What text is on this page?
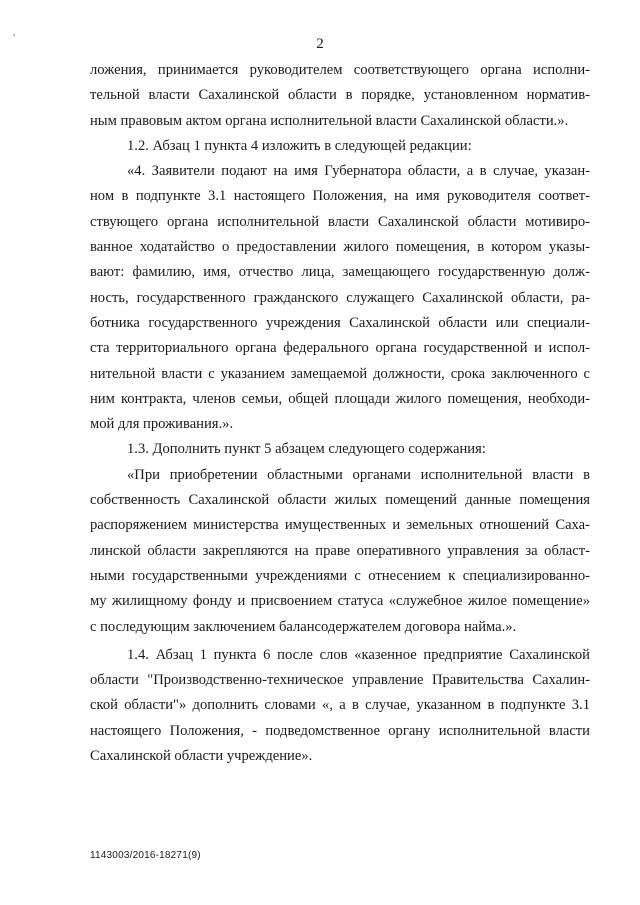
ᵥ
2
ложения, принимается руководителем соответствующего органа исполни-
тельной власти Сахалинской области в порядке, установленном норматив-
ным правовым актом органа исполнительной власти Сахалинской области.».
1.2. Абзац 1 пункта 4 изложить в следующей редакции:
«4. Заявители подают на имя Губернатора области, а в случае, указан-
ном в подпункте 3.1 настоящего Положения, на имя руководителя соответ-
ствующего органа исполнительной власти Сахалинской области мотивиро-
ванное ходатайство о предоставлении жилого помещения, в котором указы-
вают: фамилию, имя, отчество лица, замещающего государственную долж-
ность, государственного гражданского служащего Сахалинской области, ра-
ботника государственного учреждения Сахалинской области или специали-
ста территориального органа федерального органа государственной и испол-
нительной власти с указанием замещаемой должности, срока заключенного с
ним контракта, членов семьи, общей площади жилого помещения, необходи-
мой для проживания.».
1.3. Дополнить пункт 5 абзацем следующего содержания:
«При приобретении областными органами исполнительной власти в
собственность Сахалинской области жилых помещений данные помещения
распоряжением министерства имущественных и земельных отношений Саха-
линской области закрепляются на праве оперативного управления за област-
ными государственными учреждениями с отнесением к специализированно-
му жилищному фонду и присвоением статуса «служебное жилое помещение»
с последующим заключением балансодержателем договора найма.».
1.4. Абзац 1 пункта 6 после слов «казенное предприятие Сахалинской
области "Производственно-техническое управление Правительства Сахалин-
ской области"» дополнить словами «, а в случае, указанном в подпункте 3.1
настоящего Положения, - подведомственное органу исполнительной власти
Сахалинской области учреждение».
1143003/2016-18271(9)
